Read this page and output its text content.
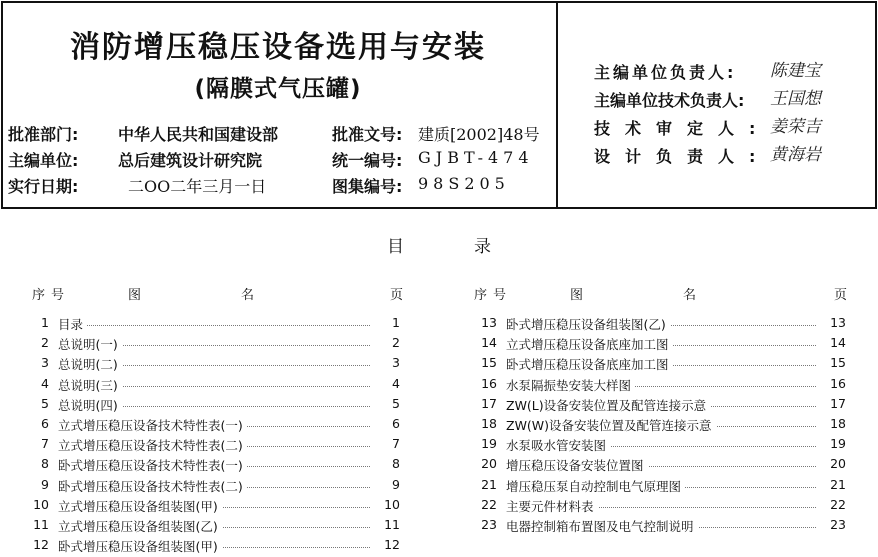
消防增压稳压设备选用与安装
(隔膜式气压罐)
批准部门: 中华人民共和国建设部
主编单位: 总后建筑设计研究院
实行日期:	二OO二年三月一日
批准文号: 建质[2002]48号
统一编号: GJBT-474
图集编号: 98S205
主编单位负责人: 陈建宝
主编单位技术负责人: 王国想
技术审定人: 姜荣吉
设计负责人: 黄海岩
目录
序号	图名	页	序号	图名	页
1 目录	1
2 总说明(一)	2
3 总说明(二)	3
4 总说明(三)	4
5 总说明(四)	5
6 立式增压稳压设备技术特性表(一)	6
7 立式增压稳压设备技术特性表(二)	7
8 卧式增压稳压设备技术特性表(一)	8
9 卧式增压稳压设备技术特性表(二)	9
10 立式增压稳压设备组装图(甲)	10
11 立式增压稳压设备组装图(乙)	11
12 卧式增压稳压设备组装图(甲)	12
13 卧式增压稳压设备组装图(乙)	13
14 立式增压稳压设备底座加工图	14
15 卧式增压稳压设备底座加工图	15
16 水泵隔振垫安装大样图	16
17 ZW(L)设备安装位置及配管连接示意	17
18 ZW(W)设备安装位置及配管连接示意	18
19 水泵吸水管安装图	19
20 增压稳压设备安装位置图	20
21 增压稳压泵自动控制电气原理图	21
22 主要元件材料表	22
23 电器控制箱布置图及电气控制说明	23
